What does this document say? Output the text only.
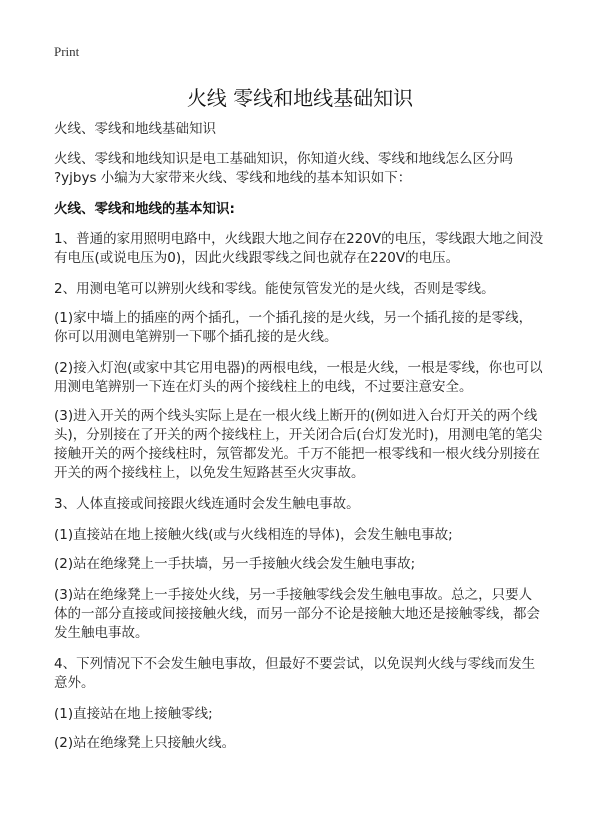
Print
火线 零线和地线基础知识
火线、零线和地线基础知识
火线、零线和地线知识是电工基础知识，你知道火线、零线和地线怎么区分吗
?yjbys 小编为大家带来火线、零线和地线的基本知识如下：
火线、零线和地线的基本知识:
1、普通的家用照明电路中，火线跟大地之间存在220V的电压，零线跟大地之间没
有电压(或说电压为0)，因此火线跟零线之间也就存在220V的电压。
2、用测电笔可以辨别火线和零线。能使氖管发光的是火线，否则是零线。
(1)家中墙上的插座的两个插孔，一个插孔接的是火线，另一个插孔接的是零线，
你可以用测电笔辨别一下哪个插孔接的是火线。
(2)接入灯泡(或家中其它用电器)的两根电线，一根是火线，一根是零线，你也可以
用测电笔辨别一下连在灯头的两个接线柱上的电线，不过要注意安全。
(3)进入开关的两个线头实际上是在一根火线上断开的(例如进入台灯开关的两个线
头)，分别接在了开关的两个接线柱上，开关闭合后(台灯发光时)，用测电笔的笔尖
接触开关的两个接线柱时，氖管都发光。千万不能把一根零线和一根火线分别接在
开关的两个接线柱上，以免发生短路甚至火灾事故。
3、人体直接或间接跟火线连通时会发生触电事故。
(1)直接站在地上接触火线(或与火线相连的导体)，会发生触电事故;
(2)站在绝缘凳上一手扶墙，另一手接触火线会发生触电事故;
(3)站在绝缘凳上一手接处火线，另一手接触零线会发生触电事故。总之，只要人
体的一部分直接或间接接触火线，而另一部分不论是接触大地还是接触零线，都会
发生触电事故。
4、下列情况下不会发生触电事故，但最好不要尝试，以免误判火线与零线而发生
意外。
(1)直接站在地上接触零线;
(2)站在绝缘凳上只接触火线。
